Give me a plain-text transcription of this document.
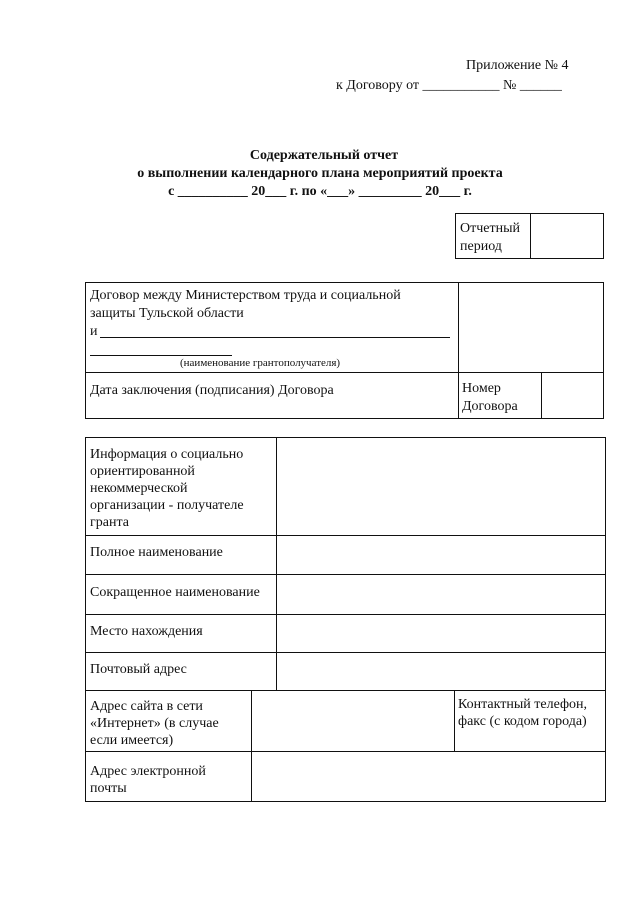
Приложение № 4
к Договору от ___________ № ______
Содержательный отчет
о выполнении календарного плана мероприятий проекта
с __________ 20___ г. по «___» _________ 20___ г.
Отчетный
период
Договор между Министерством труда и социальной
защиты Тульской области
и
(наименование грантополучателя)
Дата заключения (подписания) Договора	Номер
Договора
Информация о социально
ориентированной
некоммерческой
организации - получателе
гранта
Полное наименование
Сокращенное наименование
Место нахождения
Почтовый адрес
Адрес сайта в сети
«Интернет» (в случае
если имеется)
Контактный телефон,
факс (с кодом города)
Адрес электронной
почты
